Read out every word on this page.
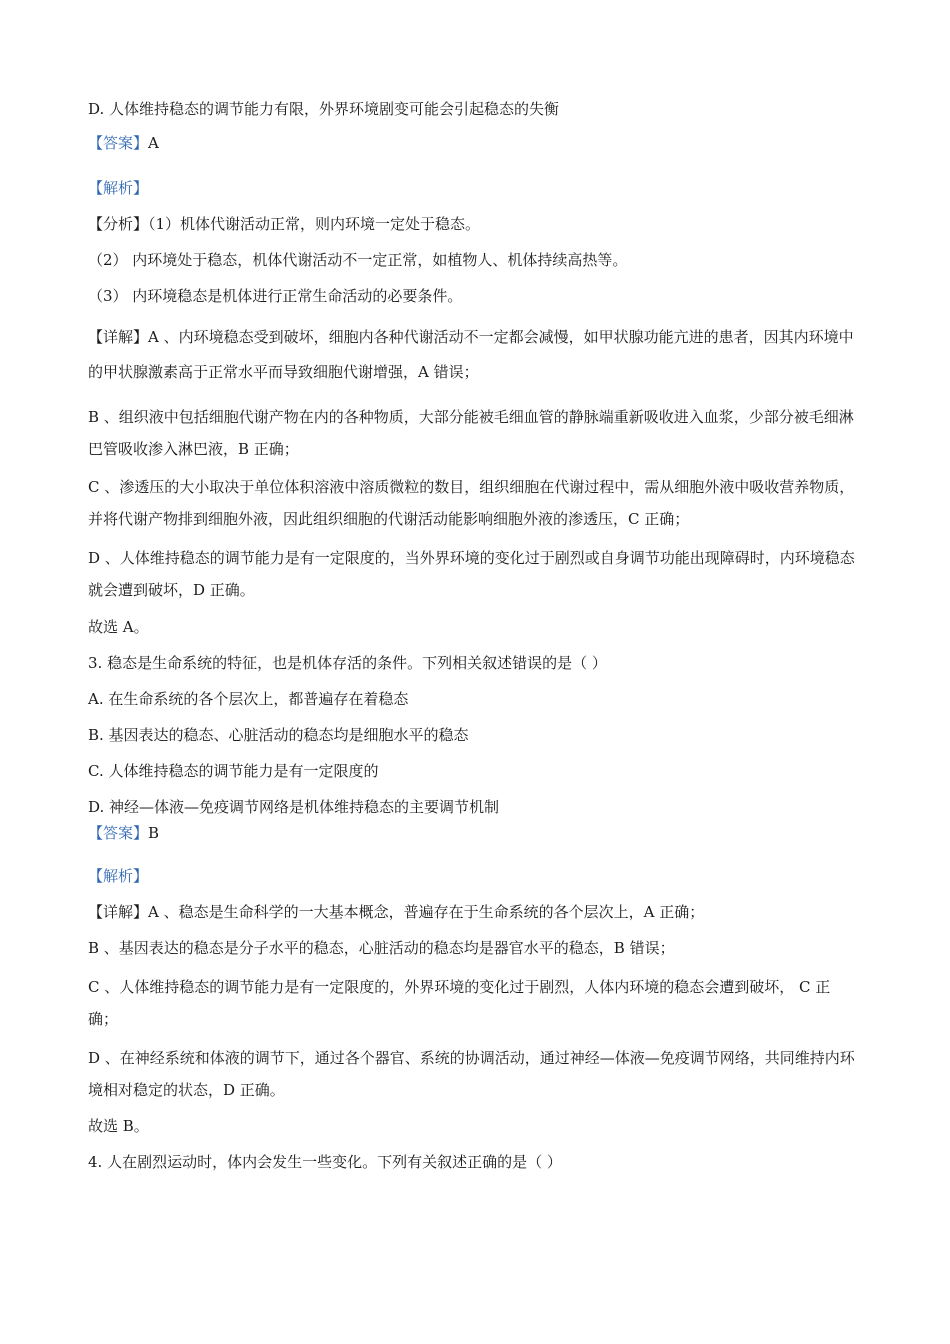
D. 人体维持稳态的调节能力有限，外界环境剧变可能会引起稳态的失衡
【答案】A
【解析】
【分析】（1）机体代谢活动正常，则内环境一定处于稳态。
（2） 内环境处于稳态，机体代谢活动不一定正常，如植物人、机体持续高热等。
（3） 内环境稳态是机体进行正常生命活动的必要条件。
【详解】A 、内环境稳态受到破坏，细胞内各种代谢活动不一定都会减慢，如甲状腺功能亢进的患者，因其内环境中的甲状腺激素高于正常水平而导致细胞代谢增强，A 错误；
B 、组织液中包括细胞代谢产物在内的各种物质，大部分能被毛细血管的静脉端重新吸收进入血浆，少部分被毛细淋巴管吸收渗入淋巴液，B 正确；
C 、渗透压的大小取决于单位体积溶液中溶质微粒的数目，组织细胞在代谢过程中，需从细胞外液中吸收营养物质，并将代谢产物排到细胞外液，因此组织细胞的代谢活动能影响细胞外液的渗透压，C 正确；
D 、人体维持稳态的调节能力是有一定限度的，当外界环境的变化过于剧烈或自身调节功能出现障碍时，内环境稳态就会遭到破坏，D 正确。
故选 A。
3. 稳态是生命系统的特征，也是机体存活的条件。下列相关叙述错误的是（ ）
A. 在生命系统的各个层次上，都普遍存在着稳态
B. 基因表达的稳态、心脏活动的稳态均是细胞水平的稳态
C. 人体维持稳态的调节能力是有一定限度的
D. 神经—体液—免疫调节网络是机体维持稳态的主要调节机制
【答案】B
【解析】
【详解】A 、稳态是生命科学的一大基本概念，普遍存在于生命系统的各个层次上，A 正确；
B 、基因表达的稳态是分子水平的稳态，心脏活动的稳态均是器官水平的稳态，B 错误；
C 、人体维持稳态的调节能力是有一定限度的，外界环境的变化过于剧烈，人体内环境的稳态会遭到破坏， C 正确；
D 、在神经系统和体液的调节下，通过各个器官、系统的协调活动，通过神经—体液—免疫调节网络，共同维持内环境相对稳定的状态，D 正确。
故选 B。
4. 人在剧烈运动时，体内会发生一些变化。下列有关叙述正确的是（ ）
